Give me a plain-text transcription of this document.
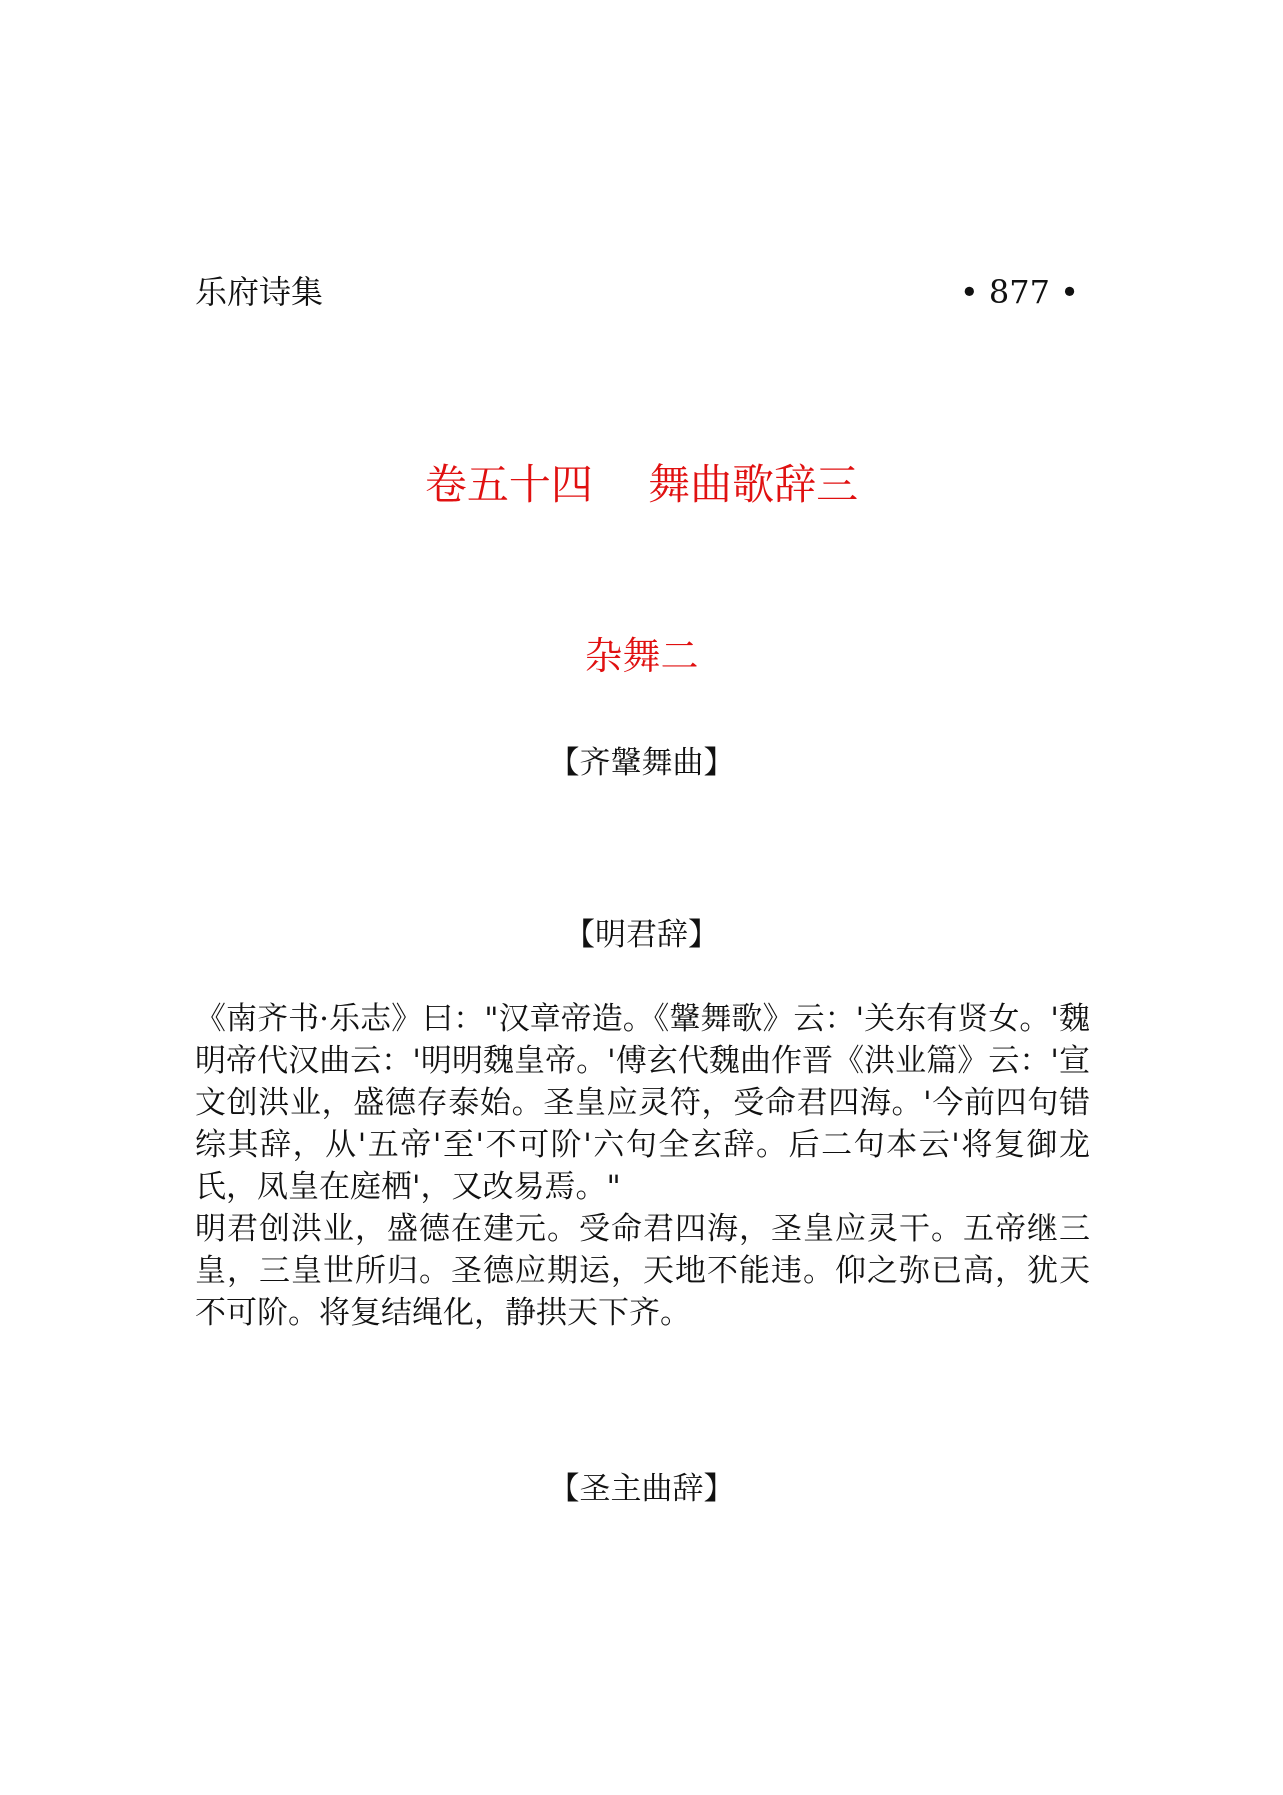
乐府诗集	• 877 •
卷五十四　 舞曲歌辞三
杂舞二
【齐鞶舞曲】
【明君辞】

《南齐书·乐志》曰："汉章帝造。《鞶舞歌》云：'关东有贤女。'魏明帝代汉曲云：'明明魏皇帝。'傅玄代魏曲作晋《洪业篇》云：'宣文创洪业，盛德存泰始。圣皇应灵符，受命君四海。'今前四句错综其辞，从'五帝'至'不可阶'六句全玄辞。后二句本云'将复御龙氏，凤皇在庭栖'，又改易焉。"

明君创洪业，盛德在建元。受命君四海，圣皇应灵干。五帝继三皇，三皇世所归。圣德应期运，天地不能违。仰之弥已高，犹天不可阶。将复结绳化，静拱天下齐。

【圣主曲辞】
